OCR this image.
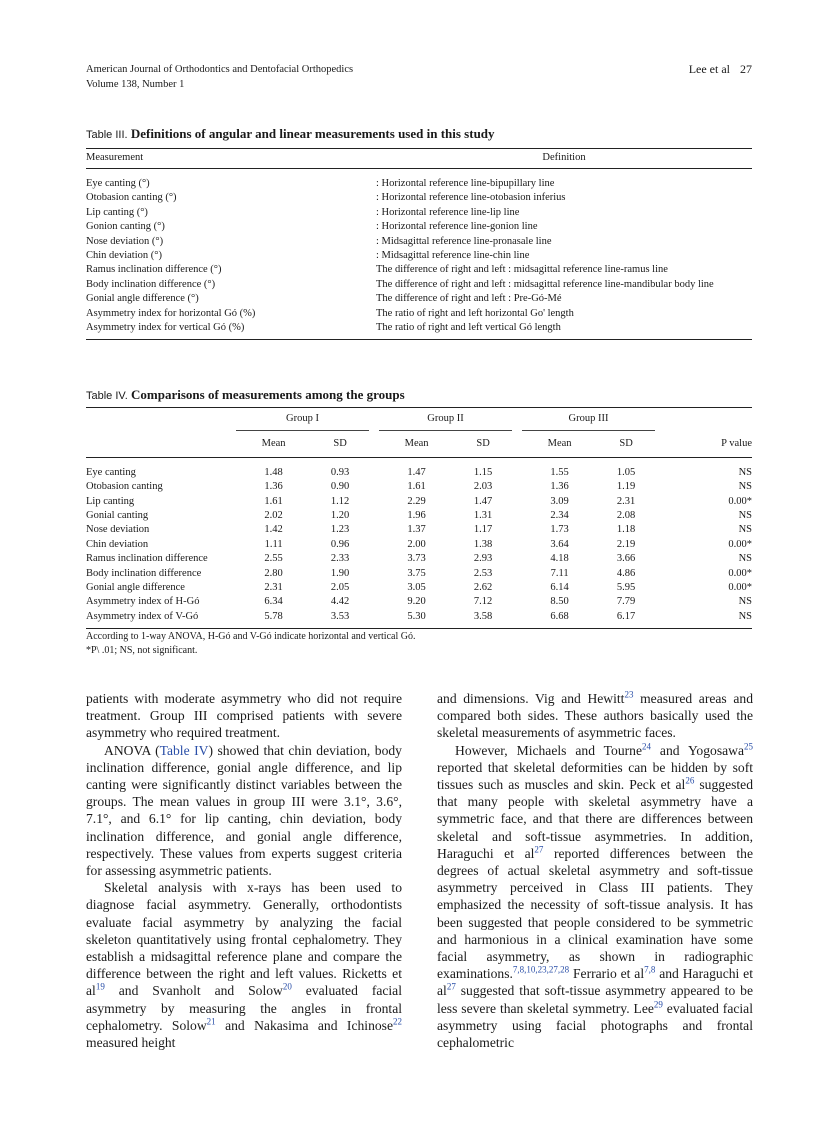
American Journal of Orthodontics and Dentofacial Orthopedics
Volume 138, Number 1
Lee et al 27
Table III. Definitions of angular and linear measurements used in this study
Measurement	Definition
Eye canting (°)	: Horizontal reference line-bipupillary line
Otobasion canting (°)	: Horizontal reference line-otobasion inferius
Lip canting (°)	: Horizontal reference line-lip line
Gonion canting (°)	: Horizontal reference line-gonion line
Nose deviation (°)	: Midsagittal reference line-pronasale line
Chin deviation (°)	: Midsagittal reference line-chin line
Ramus inclination difference (°)	The difference of right and left : midsagittal reference line-ramus line
Body inclination difference (°)	The difference of right and left : midsagittal reference line-mandibular body line
Gonial angle difference (°)	The difference of right and left : Pre-Gó-Mé
Asymmetry index for horizontal Gó (%)	The ratio of right and left horizontal Go' length
Asymmetry index for vertical Gó (%)	The ratio of right and left vertical Gó length
Table IV. Comparisons of measurements among the groups
	Group I			Group II			Group III		
	Mean	SD		Mean	SD		Mean	SD	P value
Eye canting	1.48	0.93		1.47	1.15		1.55	1.05	NS
Otobasion canting	1.36	0.90		1.61	2.03		1.36	1.19	NS
Lip canting	1.61	1.12		2.29	1.47		3.09	2.31	0.00*
Gonial canting	2.02	1.20		1.96	1.31		2.34	2.08	NS
Nose deviation	1.42	1.23		1.37	1.17		1.73	1.18	NS
Chin deviation	1.11	0.96		2.00	1.38		3.64	2.19	0.00*
Ramus inclination difference	2.55	2.33		3.73	2.93		4.18	3.66	NS
Body inclination difference	2.80	1.90		3.75	2.53		7.11	4.86	0.00*
Gonial angle difference	2.31	2.05		3.05	2.62		6.14	5.95	0.00*
Asymmetry index of H-Gó	6.34	4.42		9.20	7.12		8.50	7.79	NS
Asymmetry index of V-Gó	5.78	3.53		5.30	3.58		6.68	6.17	NS
According to 1-way ANOVA, H-Gó and V-Gó indicate horizontal and vertical Gó.
*P\ .01; NS, not significant.

patients with moderate asymmetry who did not require treatment. Group III comprised patients with severe asymmetry who required treatment.

ANOVA (Table IV) showed that chin deviation, body inclination difference, gonial angle difference, and lip canting were significantly distinct variables between the groups. The mean values in group III were 3.1°, 3.6°, 7.1°, and 6.1° for lip canting, chin deviation, body inclination difference, and gonial angle difference, respectively. These values from experts suggest criteria for assessing asymmetric patients.

Skeletal analysis with x-rays has been used to diagnose facial asymmetry. Generally, orthodontists evaluate facial asymmetry by analyzing the facial skeleton quantitatively using frontal cephalometry. They establish a midsagittal reference plane and compare the difference between the right and left values. Ricketts et $al^{19}$ and Svanholt and Solow$^{20}$ evaluated facial asymmetry by measuring the angles in frontal cephalometry. Solow$^{21}$ and Nakasima and Ichinose$^{22}$ measured height

and dimensions. Vig and Hewitt$^{23}$ measured areas and compared both sides. These authors basically used the skeletal measurements of asymmetric faces.

However, Michaels and Tourne$^{24}$ and Yogosawa$^{25}$ reported that skeletal deformities can be hidden by soft tissues such as muscles and skin. Peck et $al^{26}$ suggested that many people with skeletal asymmetry have a symmetric face, and that there are differences between skeletal and soft-tissue asymmetries. In addition, Haraguchi et $al^{27}$ reported differences between the degrees of actual skeletal asymmetry and soft-tissue asymmetry perceived in Class III patients. They emphasized the necessity of soft-tissue analysis. It has been suggested that people considered to be symmetric and harmonious in a clinical examination have some facial asymmetry, as shown in radiographic examinations.$^{7,8,10,23,27,28}$ Ferrario et al$^{7,8}$ and Haraguchi et $al^{27}$ suggested that soft-tissue asymmetry appeared to be less severe than skeletal symmetry. Lee$^{29}$ evaluated facial asymmetry using facial photographs and frontal cephalometric
